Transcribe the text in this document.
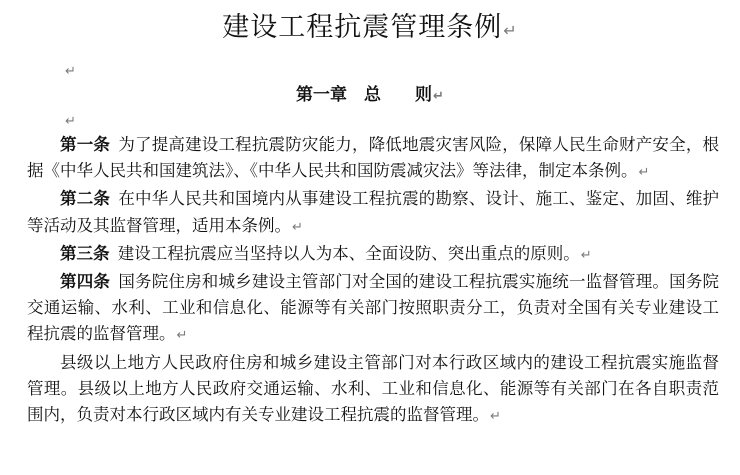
建设工程抗震管理条例↵
↵
第一章　总　　则↵
↵

第一条 为了提高建设工程抗震防灾能力，降低地震灾害风险，保障人民生命财产安全，根据《中华人民共和国建筑法》、《中华人民共和国防震减灾法》等法律，制定本条例。↵

第二条 在中华人民共和国境内从事建设工程抗震的勘察、设计、施工、鉴定、加固、维护等活动及其监督管理，适用本条例。↵

第三条 建设工程抗震应当坚持以人为本、全面设防、突出重点的原则。↵

第四条 国务院住房和城乡建设主管部门对全国的建设工程抗震实施统一监督管理。国务院交通运输、水利、工业和信息化、能源等有关部门按照职责分工，负责对全国有关专业建设工程抗震的监督管理。↵

县级以上地方人民政府住房和城乡建设主管部门对本行政区域内的建设工程抗震实施监督管理。县级以上地方人民政府交通运输、水利、工业和信息化、能源等有关部门在各自职责范围内，负责对本行政区域内有关专业建设工程抗震的监督管理。↵
